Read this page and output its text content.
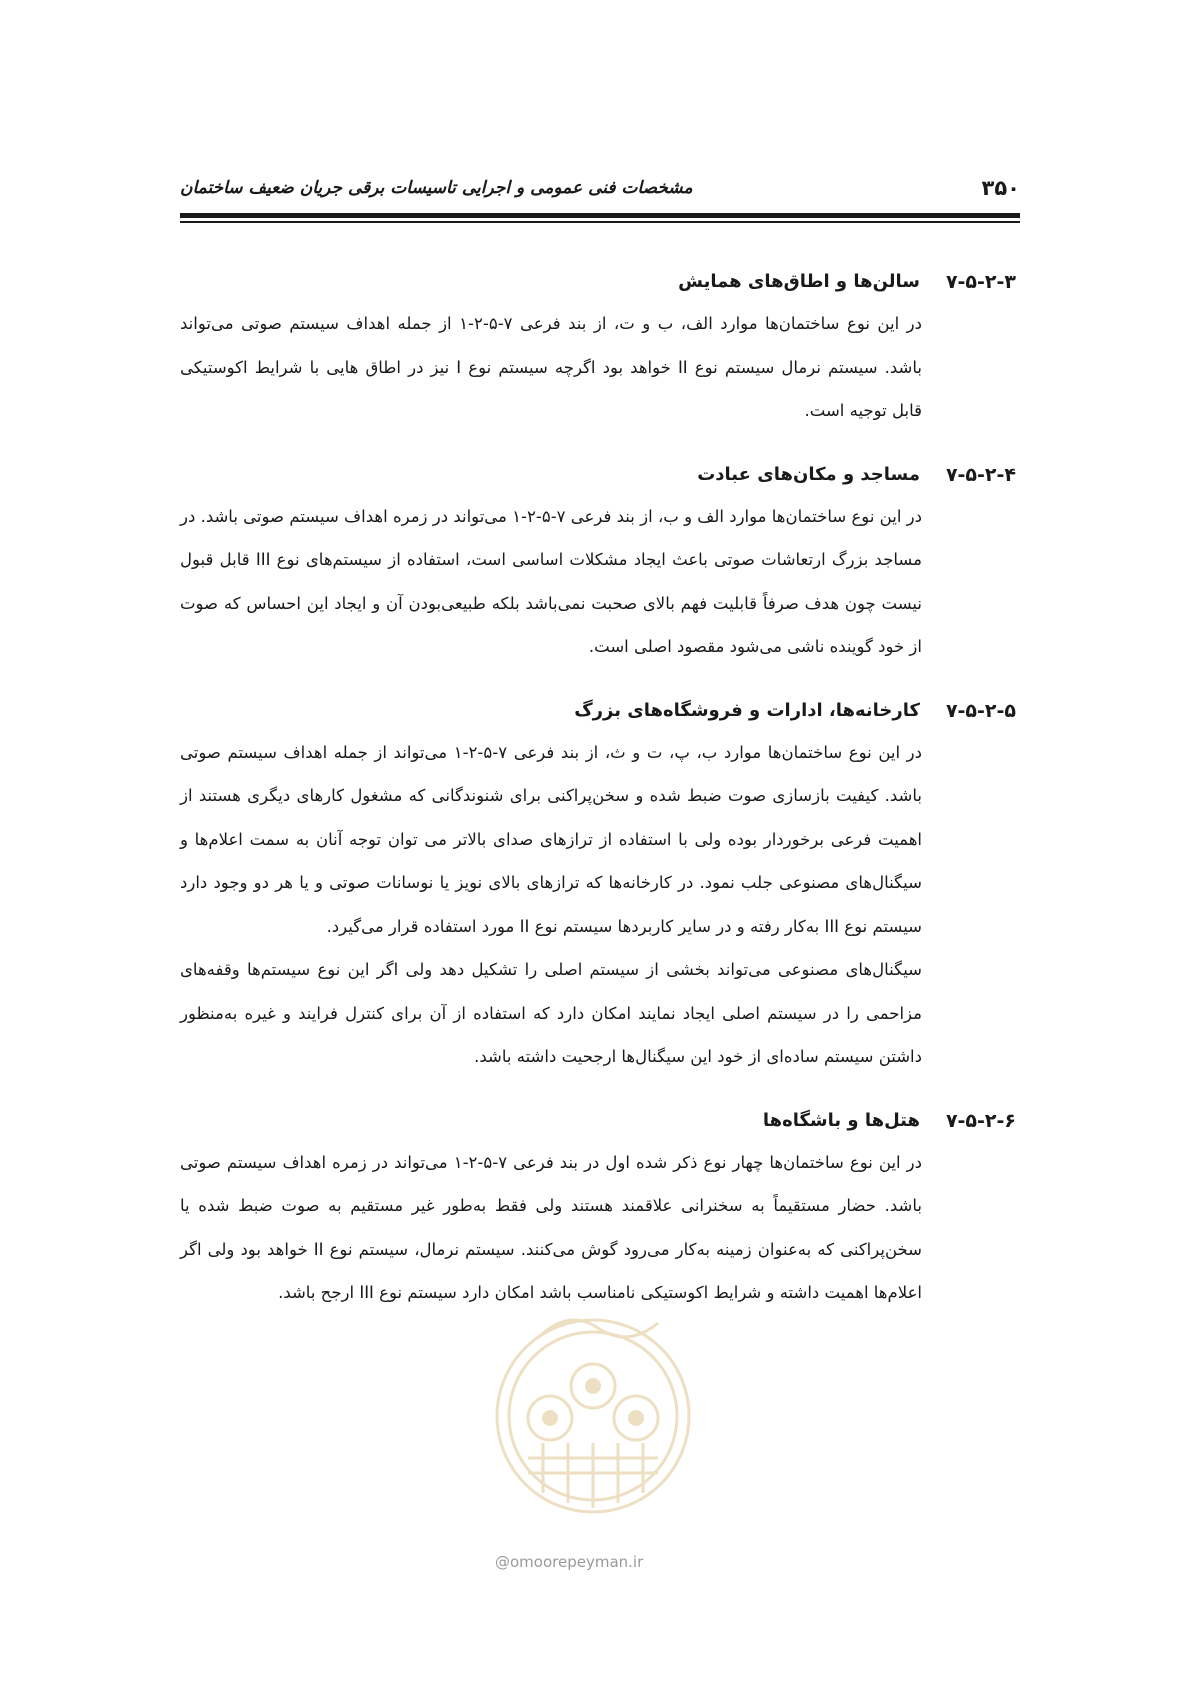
۳۵۰
مشخصات فنی عمومی و اجرایی تاسیسات برقی جریان ضعیف ساختمان
۷-۵-۲-۳
سالن‌ها و اطاق‌های همایش

در این نوع ساختمان‌ها موارد الف، ب و ت، از بند فرعی ۷-۵-۲-۱ از جمله اهداف سیستم صوتی می‌تواند باشد. سیستم نرمال سیستم نوع II خواهد بود اگرچه سیستم نوع I نیز در اطاق هایی با شرایط اکوستیکی قابل توجیه است.

۷-۵-۲-۴
مساجد و مکان‌های عبادت

در این نوع ساختمان‌ها موارد الف و ب، از بند فرعی ۷-۵-۲-۱ می‌تواند در زمره اهداف سیستم صوتی باشد. در مساجد بزرگ ارتعاشات صوتی باعث ایجاد مشکلات اساسی است، استفاده از سیستم‌های نوع III قابل قبول نیست چون هدف صرفاً قابلیت فهم بالای صحبت نمی‌باشد بلکه طبیعی‌بودن آن و ایجاد این احساس که صوت از خود گوینده ناشی می‌شود مقصود اصلی است.

۷-۵-۲-۵
کارخانه‌ها، ادارات و فروشگاه‌های بزرگ

در این نوع ساختمان‌ها موارد ب، پ، ت و ث، از بند فرعی ۷-۵-۲-۱ می‌تواند از جمله اهداف سیستم صوتی باشد. کیفیت بازسازی صوت ضبط شده و سخن‌پراکنی برای شنوندگانی که مشغول کارهای دیگری هستند از اهمیت فرعی برخوردار بوده ولی با استفاده از ترازهای صدای بالاتر می توان توجه آنان به سمت اعلام‌ها و سیگنال‌های مصنوعی جلب نمود. در کارخانه‌ها که ترازهای بالای نویز یا نوسانات صوتی و یا هر دو وجود دارد سیستم نوع III به‌کار رفته و در سایر کاربردها سیستم نوع II مورد استفاده قرار می‌گیرد.

سیگنال‌های مصنوعی می‌تواند بخشی از سیستم اصلی را تشکیل دهد ولی اگر این نوع سیستم‌ها وقفه‌های مزاحمی را در سیستم اصلی ایجاد نمایند امکان دارد که استفاده از آن برای کنترل فرایند و غیره به‌منظور داشتن سیستم ساده‌ای از خود این سیگنال‌ها ارجحیت داشته باشد.

۷-۵-۲-۶
هتل‌ها و باشگاه‌ها

در این نوع ساختمان‌ها چهار نوع ذکر شده اول در بند فرعی ۷-۵-۲-۱ می‌تواند در زمره اهداف سیستم صوتی باشد. حضار مستقیماً به سخنرانی علاقمند هستند ولی فقط به‌طور غیر مستقیم به صوت ضبط شده یا سخن‌پراکنی که به‌عنوان زمینه به‌کار می‌رود گوش می‌کنند. سیستم نرمال، سیستم نوع II خواهد بود ولی اگر اعلام‌ها اهمیت داشته و شرایط اکوستیکی نامناسب باشد امکان دارد سیستم نوع III ارجح باشد.

@omoorepeyman.ir
